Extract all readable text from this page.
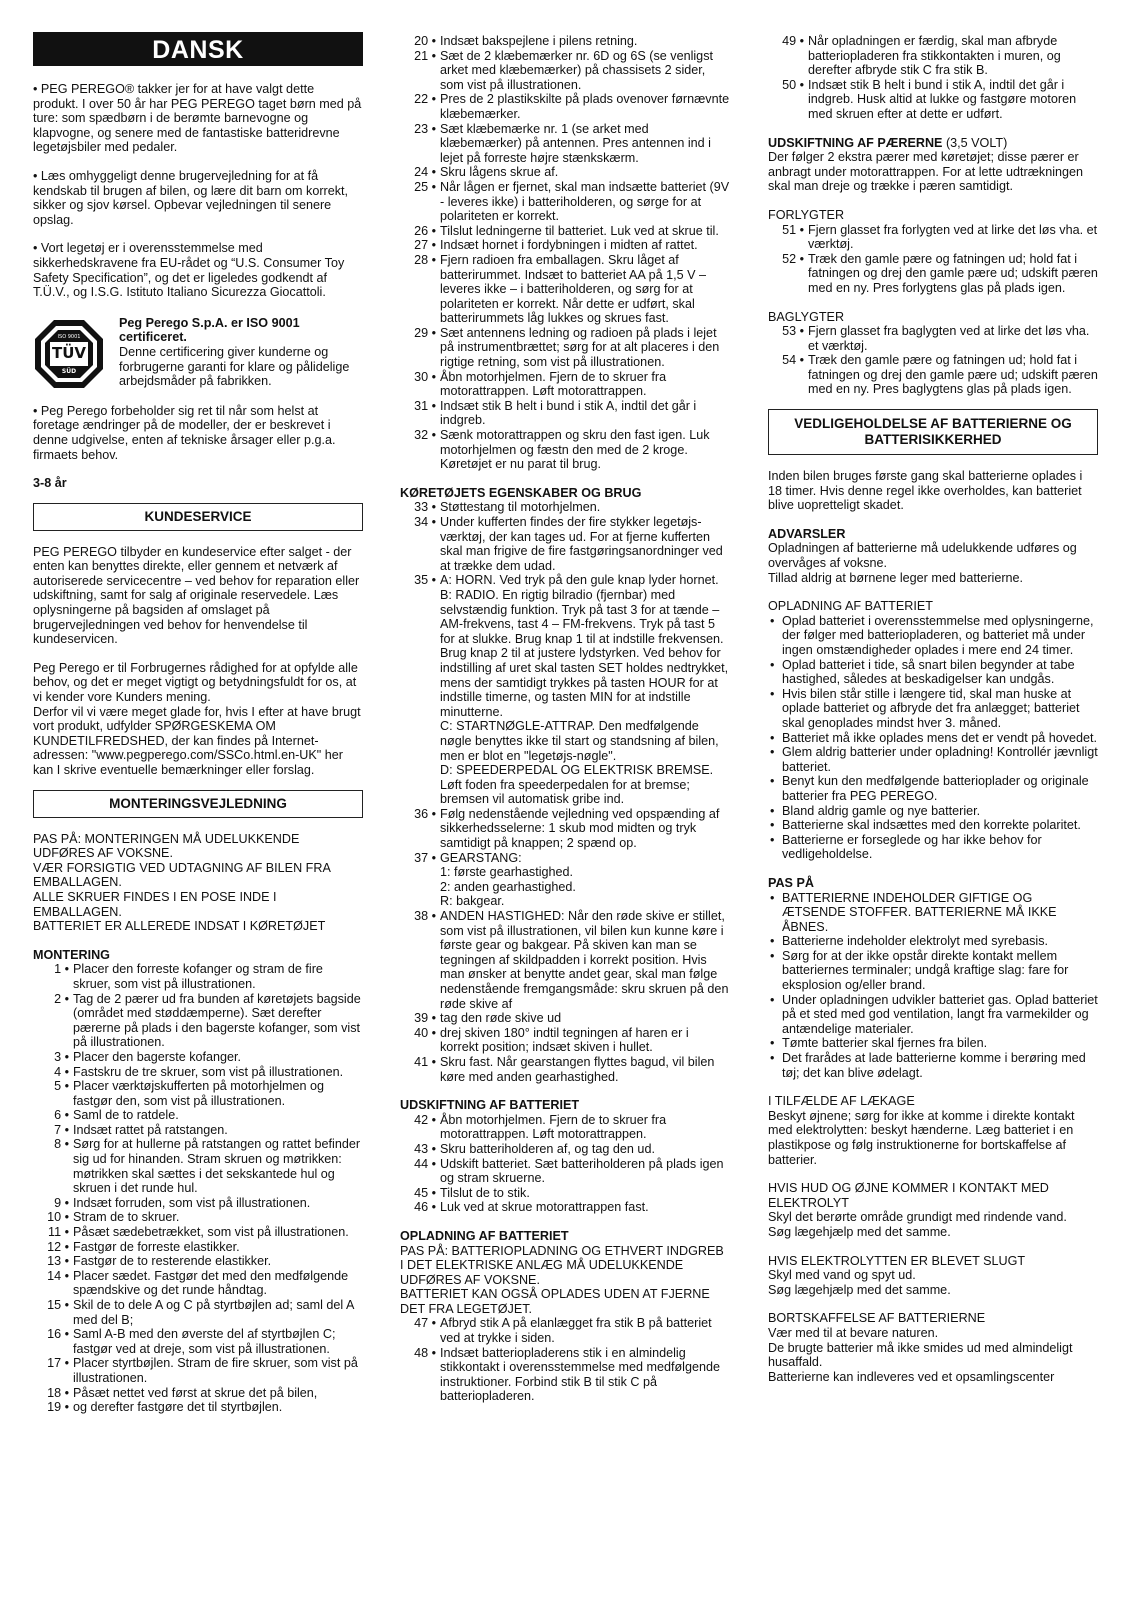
DANSK

• PEG PEREGO® takker jer for at have valgt dette produkt. I over 50 år har PEG PEREGO taget børn med på ture: som spædbørn i de berømte barnevogne og klapvogne, og senere med de fantastiske batteridrevne legetøjsbiler med pedaler.

• Læs omhyggeligt denne brugervejledning for at få kendskab til brugen af bilen, og lære dit barn om korrekt, sikker og sjov kørsel. Opbevar vejledningen til senere opslag.

• Vort legetøj er i overensstemmelse med sikkerhedskravene fra EU-rådet og “U.S. Consumer Toy Safety Specification”, og det er ligeledes godkendt af T.Ü.V., og I.S.G. Istituto Italiano Sicurezza Giocattoli.

TÜV
SÜD
ISO 9001

Peg Perego S.p.A. er ISO 9001 certificeret.

Denne certificering giver kunderne og forbrugerne garanti for klare og pålidelige arbejdsmåder på fabrikken.

• Peg Perego forbeholder sig ret til når som helst at foretage ændringer på de modeller, der er beskrevet i denne udgivelse, enten af tekniske årsager eller p.g.a. firmaets behov.

3-8 år

KUNDESERVICE

PEG PEREGO tilbyder en kundeservice efter salget - der enten kan benyttes direkte, eller gennem et netværk af autoriserede servicecentre – ved behov for reparation eller udskiftning, samt for salg af originale reservedele. Læs oplysningerne på bagsiden af omslaget på brugervejledningen ved behov for henvendelse til kundeservicen.

Peg Perego er til Forbrugernes rådighed for at opfylde alle behov, og det er meget vigtigt og betydningsfuldt for os, at vi kender vore Kunders mening.

Derfor vil vi være meget glade for, hvis I efter at have brugt vort produkt, udfylder SPØRGESKEMA OM KUNDETILFREDSHED, der kan findes på Internet-adressen: "www.pegperego.com/SSCo.html.en-UK" her kan I skrive eventuelle bemærkninger eller forslag.

MONTERINGSVEJLEDNING

PAS PÅ: MONTERINGEN MÅ UDELUKKENDE UDFØRES AF VOKSNE.

VÆR FORSIGTIG VED UDTAGNING AF BILEN FRA EMBALLAGEN.

ALLE SKRUER FINDES I EN POSE INDE I EMBALLAGEN.

BATTERIET ER ALLEREDE INDSAT I KØRETØJET

MONTERING

1 • Placer den forreste kofanger og stram de fire skruer, som vist på illustrationen.
2 • Tag de 2 pærer ud fra bunden af køretøjets bagside (området med støddæmperne). Sæt derefter pærerne på plads i den bagerste kofanger, som vist på illustrationen.
3 • Placer den bagerste kofanger.
4 • Fastskru de tre skruer, som vist på illustrationen.
5 • Placer værktøjskufferten på motorhjelmen og fastgør den, som vist på illustrationen.
6 • Saml de to ratdele.
7 • Indsæt rattet på ratstangen.
8 • Sørg for at hullerne på ratstangen og rattet befinder sig ud for hinanden. Stram skruen og møtrikken: møtrikken skal sættes i det sekskantede hul og skruen i det runde hul.
9 • Indsæt forruden, som vist på illustrationen.
10 • Stram de to skruer.
11 • Påsæt sædebetrækket, som vist på illustrationen.
12 • Fastgør de forreste elastikker.
13 • Fastgør de to resterende elastikker.
14 • Placer sædet. Fastgør det med den medfølgende spændskive og det runde håndtag.
15 • Skil de to dele A og C på styrtbøjlen ad; saml del A med del B;
16 • Saml A-B med den øverste del af styrtbøjlen C; fastgør ved at dreje, som vist på illustrationen.
17 • Placer styrtbøjlen. Stram de fire skruer, som vist på illustrationen.
18 • Påsæt nettet ved først at skrue det på bilen,
19 • og derefter fastgøre det til styrtbøjlen.
20 • Indsæt bakspejlene i pilens retning.
21 • Sæt de 2 klæbemærker nr. 6D og 6S (se venligst arket med klæbemærker) på chassisets 2 sider, som vist på illustrationen.
22 • Pres de 2 plastikskilte på plads ovenover førnævnte klæbemærker.
23 • Sæt klæbemærke nr. 1 (se arket med klæbemærker) på antennen. Pres antennen ind i lejet på forreste højre stænkskærm.
24 • Skru lågens skrue af.
25 • Når lågen er fjernet, skal man indsætte batteriet (9V - leveres ikke) i batteriholderen, og sørge for at polariteten er korrekt.
26 • Tilslut ledningerne til batteriet. Luk ved at skrue til.
27 • Indsæt hornet i fordybningen i midten af rattet.
28 • Fjern radioen fra emballagen. Skru låget af batterirummet. Indsæt to batteriet AA på 1,5 V – leveres ikke – i batteriholderen, og sørg for at polariteten er korrekt. Når dette er udført, skal batterirummets låg lukkes og skrues fast.
29 • Sæt antennens ledning og radioen på plads i lejet på instrumentbrættet; sørg for at alt placeres i den rigtige retning, som vist på illustrationen.
30 • Åbn motorhjelmen. Fjern de to skruer fra motorattrappen. Løft motorattrappen.
31 • Indsæt stik B helt i bund i stik A, indtil det går i indgreb.
32 • Sænk motorattrappen og skru den fast igen. Luk motorhjelmen og fæstn den med de 2 kroge. Køretøjet er nu parat til brug.

KØRETØJETS EGENSKABER OG BRUG

33 • Støttestang til motorhjelmen.
34 • Under kufferten findes der fire stykker legetøjs-værktøj, der kan tages ud. For at fjerne kufferten skal man frigive de fire fastgøringsanordninger ved at trække dem udad.
35 • A: HORN. Ved tryk på den gule knap lyder hornet.

B: RADIO. En rigtig bilradio (fjernbar) med selvstændig funktion. Tryk på tast 3 for at tænde – AM-frekvens, tast 4 – FM-frekvens. Tryk på tast 5 for at slukke. Brug knap 1 til at indstille frekvensen. Brug knap 2 til at justere lydstyrken. Ved behov for indstilling af uret skal tasten SET holdes nedtrykket, mens der samtidigt trykkes på tasten HOUR for at indstille timerne, og tasten MIN for at indstille minutterne.

C: STARTNØGLE-ATTRAP. Den medfølgende nøgle benyttes ikke til start og standsning af bilen, men er blot en "legetøjs-nøgle".

D: SPEEDERPEDAL OG ELEKTRISK BREMSE. Løft foden fra speederpedalen for at bremse; bremsen vil automatisk gribe ind.

36 • Følg nedenstående vejledning ved opspænding af sikkerhedsselerne: 1 skub mod midten og tryk samtidigt på knappen; 2 spænd op.
37 • GEARSTANG:

1: første gearhastighed.

2: anden gearhastighed.

R: bakgear.

38 • ANDEN HASTIGHED: Når den røde skive er stillet, som vist på illustrationen, vil bilen kun kunne køre i første gear og bakgear. På skiven kan man se tegningen af skildpadden i korrekt position. Hvis man ønsker at benytte andet gear, skal man følge nedenstående fremgangsmåde: skru skruen på den røde skive af
39 • tag den røde skive ud
40 • drej skiven 180° indtil tegningen af haren er i korrekt position; indsæt skiven i hullet.
41 • Skru fast. Når gearstangen flyttes bagud, vil bilen køre med anden gearhastighed.

UDSKIFTNING AF BATTERIET

42 • Åbn motorhjelmen. Fjern de to skruer fra motorattrappen. Løft motorattrappen.
43 • Skru batteriholderen af, og tag den ud.
44 • Udskift batteriet. Sæt batteriholderen på plads igen og stram skruerne.
45 • Tilslut de to stik.
46 • Luk ved at skrue motorattrappen fast.

OPLADNING AF BATTERIET

PAS PÅ: BATTERIOPLADNING OG ETHVERT INDGREB I DET ELEKTRISKE ANLÆG MÅ UDELUKKENDE UDFØRES AF VOKSNE.

BATTERIET KAN OGSÅ OPLADES UDEN AT FJERNE DET FRA LEGETØJET.

47 • Afbryd stik A på elanlægget fra stik B på batteriet ved at trykke i siden.
48 • Indsæt batteriopladerens stik i en almindelig stikkontakt i overensstemmelse med medfølgende instruktioner. Forbind stik B til stik C på batteriopladeren.
49 • Når opladningen er færdig, skal man afbryde batteriopladeren fra stikkontakten i muren, og derefter afbryde stik C fra stik B.
50 • Indsæt stik B helt i bund i stik A, indtil det går i indgreb. Husk altid at lukke og fastgøre motoren med skruen efter at dette er udført.

UDSKIFTNING AF PÆRERNE (3,5 VOLT)

Der følger 2 ekstra pærer med køretøjet; disse pærer er anbragt under motorattrappen. For at lette udtrækningen skal man dreje og trække i pæren samtidigt.

FORLYGTER

51 • Fjern glasset fra forlygten ved at lirke det løs vha. et værktøj.
52 • Træk den gamle pære og fatningen ud; hold fat i fatningen og drej den gamle pære ud; udskift pæren med en ny. Pres forlygtens glas på plads igen.

BAGLYGTER

53 • Fjern glasset fra baglygten ved at lirke det løs vha. et værktøj.
54 • Træk den gamle pære og fatningen ud; hold fat i fatningen og drej den gamle pære ud; udskift pæren med en ny. Pres baglygtens glas på plads igen.
VEDLIGEHOLDELSE AF BATTERIERNE OG BATTERISIKKERHED

Inden bilen bruges første gang skal batterierne oplades i 18 timer. Hvis denne regel ikke overholdes, kan batteriet blive uopretteligt skadet.

ADVARSLER

Opladningen af batterierne må udelukkende udføres og overvåges af voksne.

Tillad aldrig at børnene leger med batterierne.

OPLADNING AF BATTERIET

• Oplad batteriet i overensstemmelse med oplysningerne, der følger med batteriopladeren, og batteriet må under ingen omstændigheder oplades i mere end 24 timer.
• Oplad batteriet i tide, så snart bilen begynder at tabe hastighed, således at beskadigelser kan undgås.
• Hvis bilen står stille i længere tid, skal man huske at oplade batteriet og afbryde det fra anlægget; batteriet skal genoplades mindst hver 3. måned.
• Batteriet må ikke oplades mens det er vendt på hovedet.
• Glem aldrig batterier under opladning! Kontrollér jævnligt batteriet.
• Benyt kun den medfølgende batterioplader og originale batterier fra PEG PEREGO.
• Bland aldrig gamle og nye batterier.
• Batterierne skal indsættes med den korrekte polaritet.
• Batterierne er forseglede og har ikke behov for vedligeholdelse.

PAS PÅ

• BATTERIERNE INDEHOLDER GIFTIGE OG ÆTSENDE STOFFER. BATTERIERNE MÅ IKKE ÅBNES.
• Batterierne indeholder elektrolyt med syrebasis.
• Sørg for at der ikke opstår direkte kontakt mellem batteriernes terminaler; undgå kraftige slag: fare for eksplosion og/eller brand.
• Under opladningen udvikler batteriet gas. Oplad batteriet på et sted med god ventilation, langt fra varmekilder og antændelige materialer.
• Tømte batterier skal fjernes fra bilen.
• Det frarådes at lade batterierne komme i berøring med tøj; det kan blive ødelagt.

I TILFÆLDE AF LÆKAGE

Beskyt øjnene; sørg for ikke at komme i direkte kontakt med elektrolytten: beskyt hænderne. Læg batteriet i en plastikpose og følg instruktionerne for bortskaffelse af batterier.

HVIS HUD OG ØJNE KOMMER I KONTAKT MED ELEKTROLYT

Skyl det berørte område grundigt med rindende vand.

Søg lægehjælp med det samme.

HVIS ELEKTROLYTTEN ER BLEVET SLUGT

Skyl med vand og spyt ud.

Søg lægehjælp med det samme.

BORTSKAFFELSE AF BATTERIERNE

Vær med til at bevare naturen.

De brugte batterier må ikke smides ud med almindeligt husaffald.

Batterierne kan indleveres ved et opsamlingscenter
